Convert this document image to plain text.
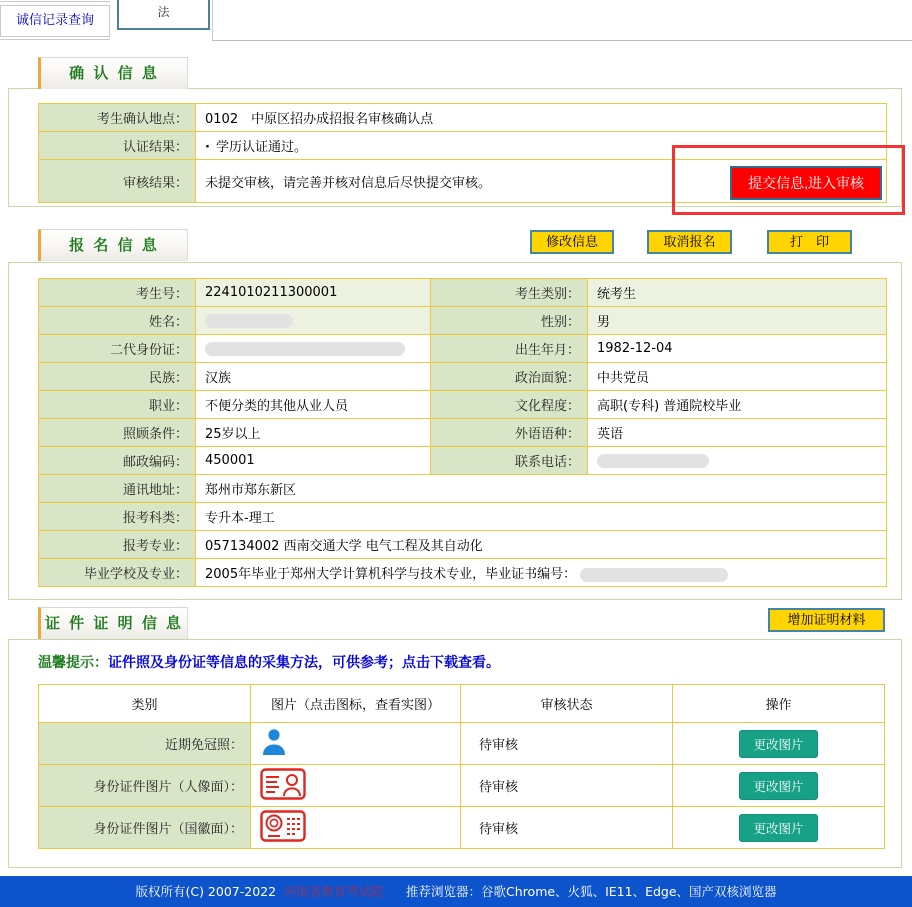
诚信记录查询
法
确 认 信 息
考生确认地点：	0102　中原区招办成招报名审核确认点
认证结果：	· 学历认证通过。
审核结果：	未提交审核，请完善并核对信息后尽快提交审核。 提交信息,进入审核
报 名 信 息	修改信息	取消报名	打　印
考生号：	2241010211300001	考生类别：	统考生
姓名：		性别：	男
二代身份证：		出生年月：	1982-12-04
民族：	汉族	政治面貌：	中共党员
职业：	不便分类的其他从业人员	文化程度：	高职(专科) 普通院校毕业
照顾条件：	25岁以上	外语语种：	英语
邮政编码：	450001	联系电话：	
通讯地址：	郑州市郑东新区		
报考科类：	专升本-理工		
报考专业：	057134002 西南交通大学 电气工程及其自动化		
毕业学校及专业：	2005年毕业于郑州大学计算机科学与技术专业，毕业证书编号：		
证 件 证 明 信 息	增加证明材料
温馨提示：证件照及身份证等信息的采集方法，可供参考；点击下载查看。
类别	图片（点击图标，查看实图）	审核状态	操作
近期免冠照：		待审核	更改图片
身份证件图片（人像面）：		待审核	更改图片
身份证件图片（国徽面）：		待审核	更改图片
版权所有(C) 2007-2022 河南省教育考试院 推荐浏览器：谷歌Chrome、火狐、IE11、Edge、国产双核浏览器
